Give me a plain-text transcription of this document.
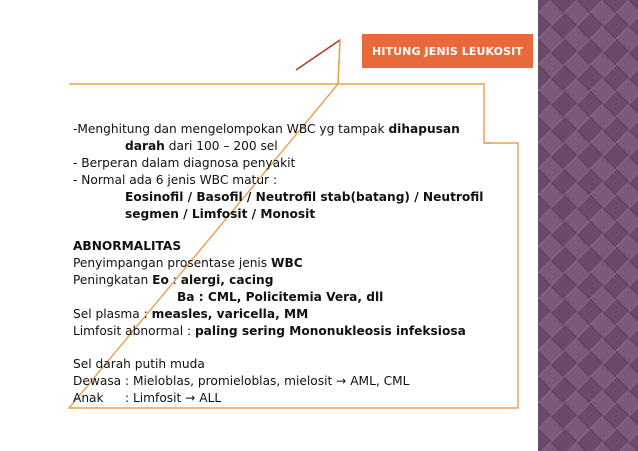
HITUNG JENIS LEUKOSIT
-Menghitung dan mengelompokan WBC yg tampak dihapusan
darah dari 100 – 200 sel
- Berperan dalam diagnosa penyakit
- Normal ada 6 jenis WBC matur :
Eosinofil / Basofil / Neutrofil stab(batang) / Neutrofil
segmen / Limfosit / Monosit
ABNORMALITAS
Penyimpangan prosentase jenis WBC
Peningkatan Eo : alergi, cacing
Ba : CML, Policitemia Vera, dll
Sel plasma : measles, varicella, MM
Limfosit abnormal : paling sering Mononukleosis infeksiosa
Sel darah putih muda
Dewasa : Mieloblas, promieloblas, mielosit → AML, CML
Anak : Limfosit → ALL
